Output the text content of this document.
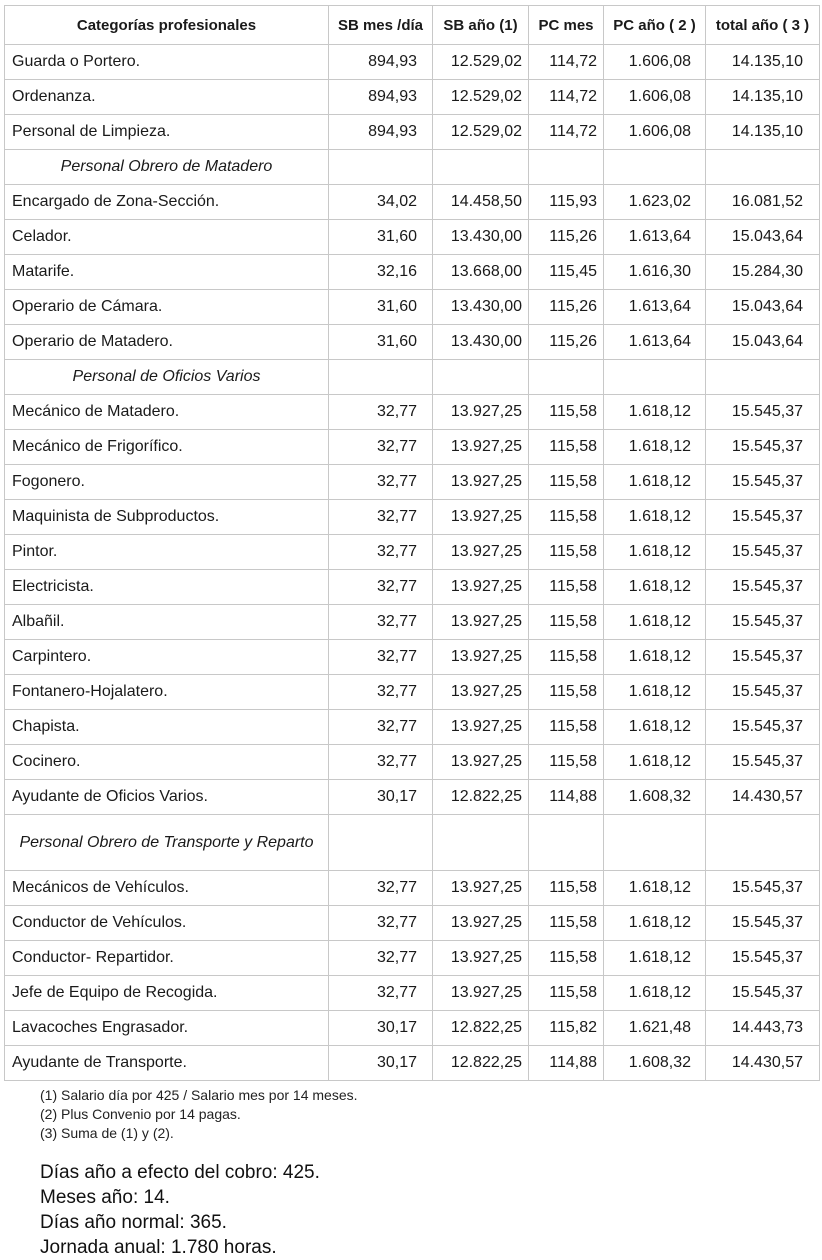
Categorías profesionales	SB mes /día	SB año (1)	PC mes	PC año ( 2 )	total año ( 3 )
Guarda o Portero.	894,93	12.529,02	114,72	1.606,08	14.135,10
Ordenanza.	894,93	12.529,02	114,72	1.606,08	14.135,10
Personal de Limpieza.	894,93	12.529,02	114,72	1.606,08	14.135,10
Personal Obrero de Matadero					
Encargado de Zona-Sección.	34,02	14.458,50	115,93	1.623,02	16.081,52
Celador.	31,60	13.430,00	115,26	1.613,64	15.043,64
Matarife.	32,16	13.668,00	115,45	1.616,30	15.284,30
Operario de Cámara.	31,60	13.430,00	115,26	1.613,64	15.043,64
Operario de Matadero.	31,60	13.430,00	115,26	1.613,64	15.043,64
Personal de Oficios Varios					
Mecánico de Matadero.	32,77	13.927,25	115,58	1.618,12	15.545,37
Mecánico de Frigorífico.	32,77	13.927,25	115,58	1.618,12	15.545,37
Fogonero.	32,77	13.927,25	115,58	1.618,12	15.545,37
Maquinista de Subproductos.	32,77	13.927,25	115,58	1.618,12	15.545,37
Pintor.	32,77	13.927,25	115,58	1.618,12	15.545,37
Electricista.	32,77	13.927,25	115,58	1.618,12	15.545,37
Albañil.	32,77	13.927,25	115,58	1.618,12	15.545,37
Carpintero.	32,77	13.927,25	115,58	1.618,12	15.545,37
Fontanero-Hojalatero.	32,77	13.927,25	115,58	1.618,12	15.545,37
Chapista.	32,77	13.927,25	115,58	1.618,12	15.545,37
Cocinero.	32,77	13.927,25	115,58	1.618,12	15.545,37
Ayudante de Oficios Varios.	30,17	12.822,25	114,88	1.608,32	14.430,57
Personal Obrero de Transporte y Reparto					
Mecánicos de Vehículos.	32,77	13.927,25	115,58	1.618,12	15.545,37
Conductor de Vehículos.	32,77	13.927,25	115,58	1.618,12	15.545,37
Conductor- Repartidor.	32,77	13.927,25	115,58	1.618,12	15.545,37
Jefe de Equipo de Recogida.	32,77	13.927,25	115,58	1.618,12	15.545,37
Lavacoches Engrasador.	30,17	12.822,25	115,82	1.621,48	14.443,73
Ayudante de Transporte.	30,17	12.822,25	114,88	1.608,32	14.430,57
(1) Salario día por 425 / Salario mes por 14 meses.
(2) Plus Convenio por 14 pagas.
(3) Suma de (1) y (2).
Días año a efecto del cobro: 425.
Meses año: 14.
Días año normal: 365.
Jornada anual: 1.780 horas.
